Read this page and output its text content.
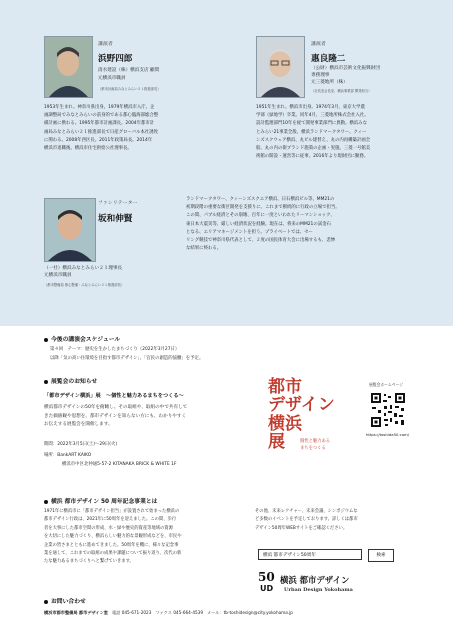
講演者
浜野四郎
清水建設（株）横浜支店 顧問
元横浜市職員
（都市計画局みなとみらい２１推進部長）
1953年生まれ。神奈川県出身。1979年横浜市入庁。企
画調整局でみなとみらいの前身的である都心臨海部総合整
備計画に携わる。1995年都市計画課長。2004年都市計
画局みなとみらい２１推進部長で日産グローバル本社誘致
に関わる。2008年西区長。2011年政策局長。2014年
横浜市退職後、横浜市住宅供給公社理事長。
講演者
惠良隆二
（公財）横浜市芸術文化振興財団
専務理事
元三菱地所（株）
（社長室会長室、横浜事業部 開発担当）
1951年生まれ。横浜市出身。1974年3月、東京大学農
学部（緑地学）卒業。同年4月、三菱地所株式会社入社。
設計監理部門10年を経て開発事業部門に異動。横浜みな
とみらい21事業全般、横浜ランドマークタワー、クィー
ンズスクウェア横浜、丸ビル建替え、丸の内再構築計画全
般、丸の内の街ブランド施策の企画・実施。三菱一号館美
術館の開設・運営等に従事。2016年より現財団に勤務。
ファシリテーター
坂和伸賢
（一社）横浜みなとみらい２１理事長
元横浜市職員
（都市整備局 都心整備・みなとみらい２１推進部長）
ランドマークタワー、クィーンズスクエア横浜、日石横浜ビル等、MM21の
初期段階の重要な街区開発を支援りに、これまで断続的に行政の立場で担当。
この間、パブル経済とその崩壊、百年に一度といわれたリーマンショック、
東日本大震災等、厳しい経済状況を経験。現在は、将来のMM21の試金石
となる、エリアマネージメントを担う。プライベートでは、セー
リング競技で神奈川県代表として、２度の国民体育大会に出場するも、悲惨
な結果に終わる。
今後の講演会スケジュール
第４回　テーマ：歴史を生かしたまちづくり（2022年3月27日）
以降「気の高い住環境を目指す都市デザイン」、「官民の創造的協働」を予定。
展覧会のお知らせ
「都市デザイン横浜」展　～個性と魅力あるまちをつくる～
横浜都市デザインの50年を俯瞰し、その取組や、取組の中で共有して
きた価値観や思想を、都市デザインを知らない方にも、わかりやすく
お伝えする展覧会を開催します。
期間：2022年3月5日(土)～29日(火)
場所：BankART KAIKO
横浜市中区北仲通5-57-2 KITANAKA BRICK & WHITE 1F
都市
デザイン
横浜
展	個性と魅力ある
まちをつくる
展覧会ホームページ
https://toshida50.com/
横浜 都市デザイン 50 周年記念事業とは
1971年に横浜市に「都市デザイン担当」が設置されて始まった横浜の
都市デザイン行政は、2021年に50周年を迎えました。この間、歩行
者を大事にした都市空間の形成、水・緑や歴史的資産等地域の資源
を大切にした魅力づくり、横浜らしい魅力的な景観形成などを、市民や
企業の皆さまとともに進めてきました。50周年を機に、様々な記念事
業を通して、これまでの取組の成果や課題について振り返り、次代の新
たな魅力あるまちづくりへと繋げていきます。
その他、未来レクチャー、未来会議、シンポジウムな
ど多数のイベントを予定しております。詳しくは都市
デザイン50周年WEBサイトをご確認ください。
横浜 都市デザイン50周年	検索
50
UD
横浜 都市デザイン
Urban Design Yokohama
お問い合わせ
横浜市都市整備局 都市デザイン室 電話 045-671-2023 ファクス 045-664-4539 メール：tb-toshidesign@city.yokohama.jp
